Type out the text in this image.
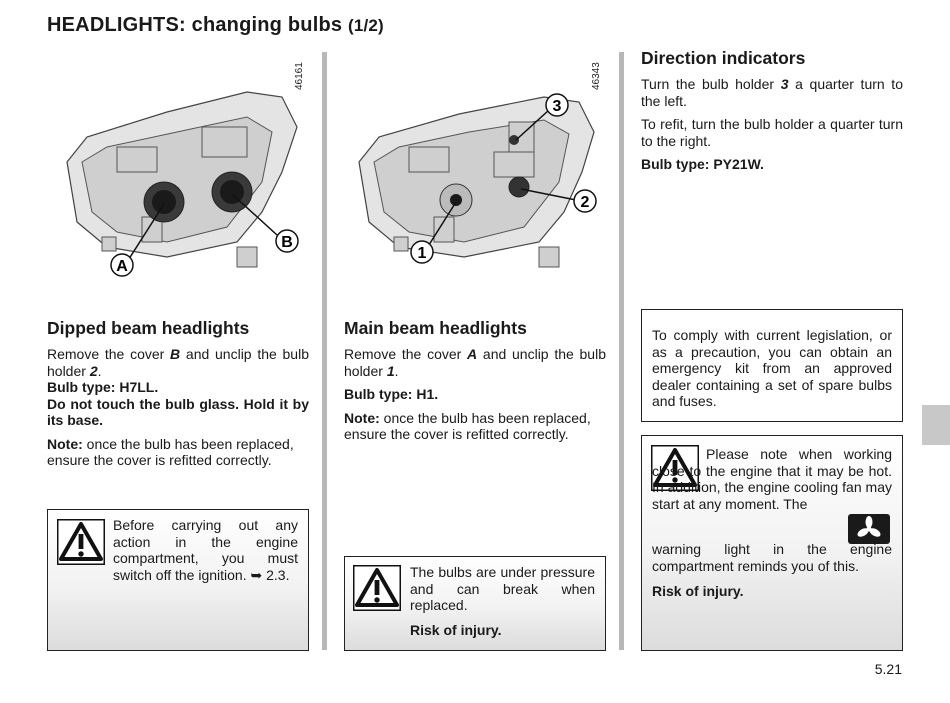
HEADLIGHTS: changing bulbs (1/2)
46161
A
B
46343
1
2
3
Dipped beam headlights

Remove the cover B and unclip the bulb holder 2.

Bulb type: H7LL.

Do not touch the bulb glass. Hold it by its base.

Note: once the bulb has been replaced, ensure the cover is refitted correctly.

Before carrying out any action in the engine compartment, you must switch off the ignition. ➥ 2.3.

Main beam headlights

Remove the cover A and unclip the bulb holder 1.

Bulb type: H1.

Note: once the bulb has been replaced, ensure the cover is refitted correctly.

The bulbs are under pressure and can break when replaced.

Risk of injury.

Direction indicators

Turn the bulb holder 3 a quarter turn to the left.

To refit, turn the bulb holder a quarter turn to the right.

Bulb type: PY21W.

To comply with current legislation, or as a precaution, you can obtain an emergency kit from an approved dealer containing a set of spare bulbs and fuses.

Please note when working close to the engine that it may be hot. In addition, the engine cooling fan may start at any moment. The

warning light in the engine compartment reminds you of this.

Risk of injury.

5.21
